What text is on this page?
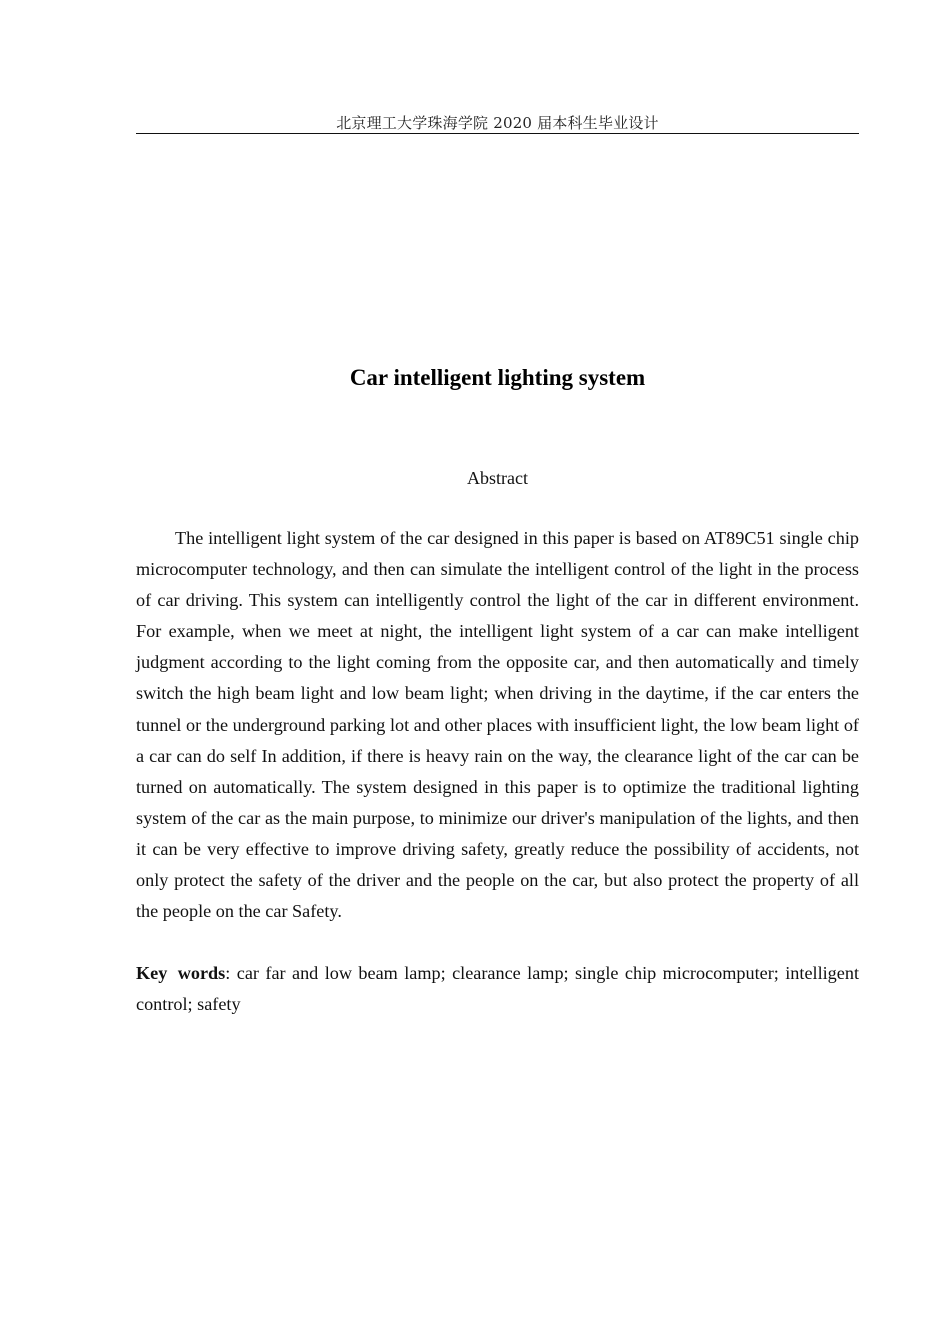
北京理工大学珠海学院 2020 届本科生毕业设计
Car intelligent lighting system
Abstract

The intelligent light system of the car designed in this paper is based on AT89C51 single chip microcomputer technology, and then can simulate the intelligent control of the light in the process of car driving. This system can intelligently control the light of the car in different environment. For example, when we meet at night, the intelligent light system of a car can make intelligent judgment according to the light coming from the opposite car, and then automatically and timely switch the high beam light and low beam light; when driving in the daytime, if the car enters the tunnel or the underground parking lot and other places with insufficient light, the low beam light of a car can do self In addition, if there is heavy rain on the way, the clearance light of the car can be turned on automatically. The system designed in this paper is to optimize the traditional lighting system of the car as the main purpose, to minimize our driver's manipulation of the lights, and then it can be very effective to improve driving safety, greatly reduce the possibility of accidents, not only protect the safety of the driver and the people on the car, but also protect the property of all the people on the car Safety.

Key words: car far and low beam lamp; clearance lamp; single chip microcomputer; intelligent control; safety
